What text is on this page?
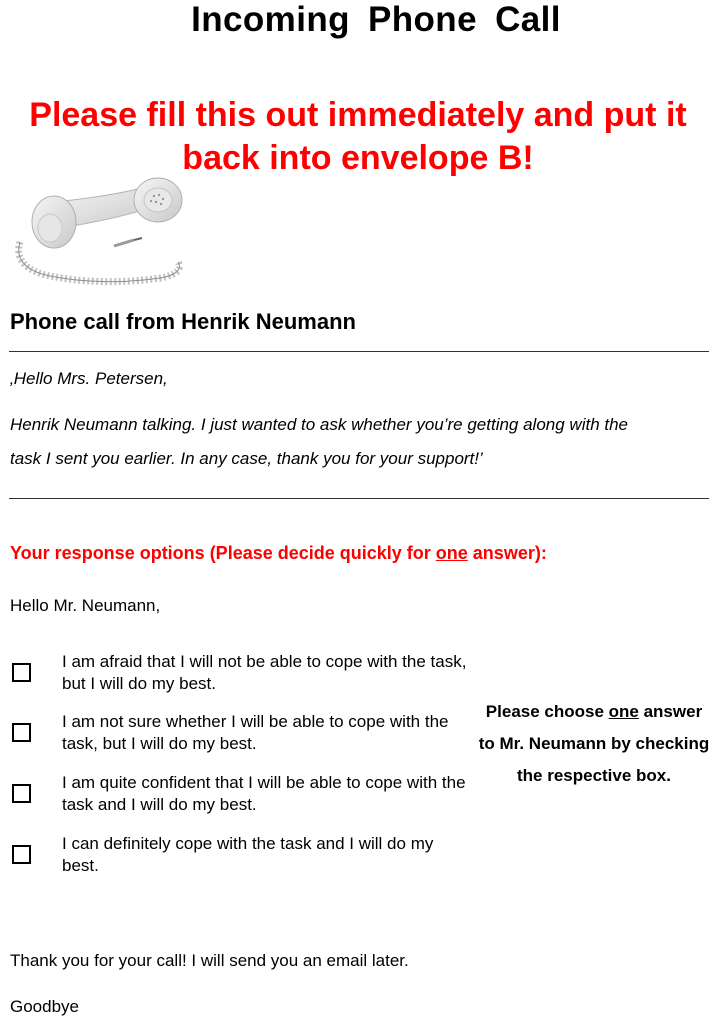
Incoming Phone Call
Please fill this out immediately and put it back into envelope B!
Phone call from Henrik Neumann
‚Hello Mrs. Petersen,
Henrik Neumann talking. I just wanted to ask whether you’re getting along with the
task I sent you earlier. In any case, thank you for your support!’
Your response options (Please decide quickly for one answer):
Hello Mr. Neumann,
I am afraid that I will not be able to cope with the task, but I will do my best.
I am not sure whether I will be able to cope with the task, but I will do my best.
I am quite confident that I will be able to cope with the task and I will do my best.
I can definitely cope with the task and I will do my best.
Please choose one answer to Mr. Neumann by checking the respective box.
Thank you for your call! I will send you an email later.
Goodbye
